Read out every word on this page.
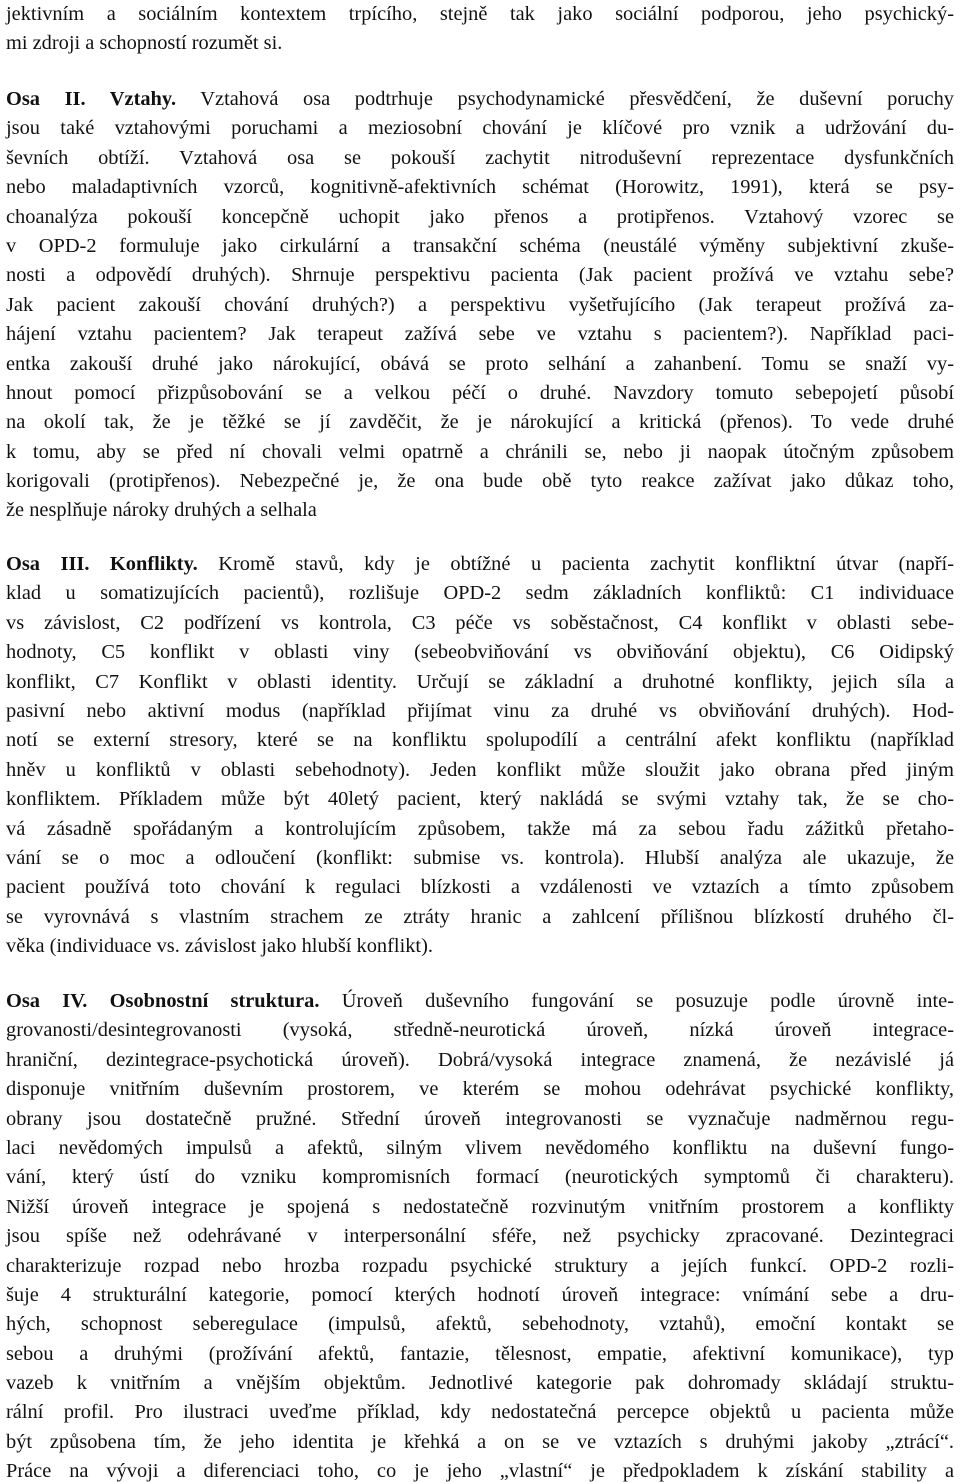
jektivním a sociálním kontextem trpícího, stejně tak jako sociální podporou, jeho psychický-
mi zdroji a schopností rozumět si.
Osa II. Vztahy. Vztahová osa podtrhuje psychodynamické přesvědčení, že duševní poruchy
jsou také vztahovými poruchami a meziosobní chování je klíčové pro vznik a udržování du-
ševních obtíží. Vztahová osa se pokouší zachytit nitroduševní reprezentace dysfunkčních
nebo maladaptivních vzorců, kognitivně-afektivních schémat (Horowitz, 1991), která se psy-
choanalýza pokouší koncepčně uchopit jako přenos a protipřenos. Vztahový vzorec se
v OPD-2 formuluje jako cirkulární a transakční schéma (neustálé výměny subjektivní zkuše-
nosti a odpovědí druhých). Shrnuje perspektivu pacienta (Jak pacient prožívá ve vztahu sebe?
Jak pacient zakouší chování druhých?) a perspektivu vyšetřujícího (Jak terapeut prožívá za-
hájení vztahu pacientem? Jak terapeut zažívá sebe ve vztahu s pacientem?). Například paci-
entka zakouší druhé jako nárokující, obává se proto selhání a zahanbení. Tomu se snaží vy-
hnout pomocí přizpůsobování se a velkou péčí o druhé. Navzdory tomuto sebepojetí působí
na okolí tak, že je těžké se jí zavděčit, že je nárokující a kritická (přenos). To vede druhé
k tomu, aby se před ní chovali velmi opatrně a chránili se, nebo ji naopak útočným způsobem
korigovali (protipřenos). Nebezpečné je, že ona bude obě tyto reakce zažívat jako důkaz toho,
že nesplňuje nároky druhých a selhala
Osa III. Konflikty. Kromě stavů, kdy je obtížné u pacienta zachytit konfliktní útvar (napří-
klad u somatizujících pacientů), rozlišuje OPD-2 sedm základních konfliktů: C1 individuace
vs závislost, C2 podřízení vs kontrola, C3 péče vs soběstačnost, C4 konflikt v oblasti sebe-
hodnoty, C5 konflikt v oblasti viny (sebeobviňování vs obviňování objektu), C6 Oidipský
konflikt, C7 Konflikt v oblasti identity. Určují se základní a druhotné konflikty, jejich síla a
pasivní nebo aktivní modus (například přijímat vinu za druhé vs obviňování druhých). Hod-
notí se externí stresory, které se na konfliktu spolupodílí a centrální afekt konfliktu (například
hněv u konfliktů v oblasti sebehodnoty). Jeden konflikt může sloužit jako obrana před jiným
konfliktem. Příkladem může být 40letý pacient, který nakládá se svými vztahy tak, že se cho-
vá zásadně spořádaným a kontrolujícím způsobem, takže má za sebou řadu zážitků přetaho-
vání se o moc a odloučení (konflikt: submise vs. kontrola). Hlubší analýza ale ukazuje, že
pacient používá toto chování k regulaci blízkosti a vzdálenosti ve vztazích a tímto způsobem
se vyrovnává s vlastním strachem ze ztráty hranic a zahlcení přílišnou blízkostí druhého čl-
věka (individuace vs. závislost jako hlubší konflikt).
Osa IV. Osobnostní struktura. Úroveň duševního fungování se posuzuje podle úrovně inte-
grovanosti/desintegrovanosti (vysoká, středně-neurotická úroveň, nízká úroveň integrace-
hraniční, dezintegrace-psychotická úroveň). Dobrá/vysoká integrace znamená, že nezávislé já
disponuje vnitřním duševním prostorem, ve kterém se mohou odehrávat psychické konflikty,
obrany jsou dostatečně pružné. Střední úroveň integrovanosti se vyznačuje nadměrnou regu-
laci nevědomých impulsů a afektů, silným vlivem nevědomého konfliktu na duševní fungo-
vání, který ústí do vzniku kompromisních formací (neurotických symptomů či charakteru).
Nižší úroveň integrace je spojená s nedostatečně rozvinutým vnitřním prostorem a konflikty
jsou spíše než odehrávané v interpersonální sféře, než psychicky zpracované. Dezintegraci
charakterizuje rozpad nebo hrozba rozpadu psychické struktury a jejích funkcí. OPD-2 rozli-
šuje 4 strukturální kategorie, pomocí kterých hodnotí úroveň integrace: vnímání sebe a dru-
hých, schopnost seberegulace (impulsů, afektů, sebehodnoty, vztahů), emoční kontakt se
sebou a druhými (prožívání afektů, fantazie, tělesnost, empatie, afektivní komunikace), typ
vazeb k vnitřním a vnějším objektům. Jednotlivé kategorie pak dohromady skládají struktu-
rální profil. Pro ilustraci uveďme příklad, kdy nedostatečná percepce objektů u pacienta může
být způsobena tím, že jeho identita je křehká a on se ve vztazích s druhými jakoby „ztrácí“.
Práce na vývoji a diferenciaci toho, co je jeho „vlastní“ je předpokladem k získání stability a
